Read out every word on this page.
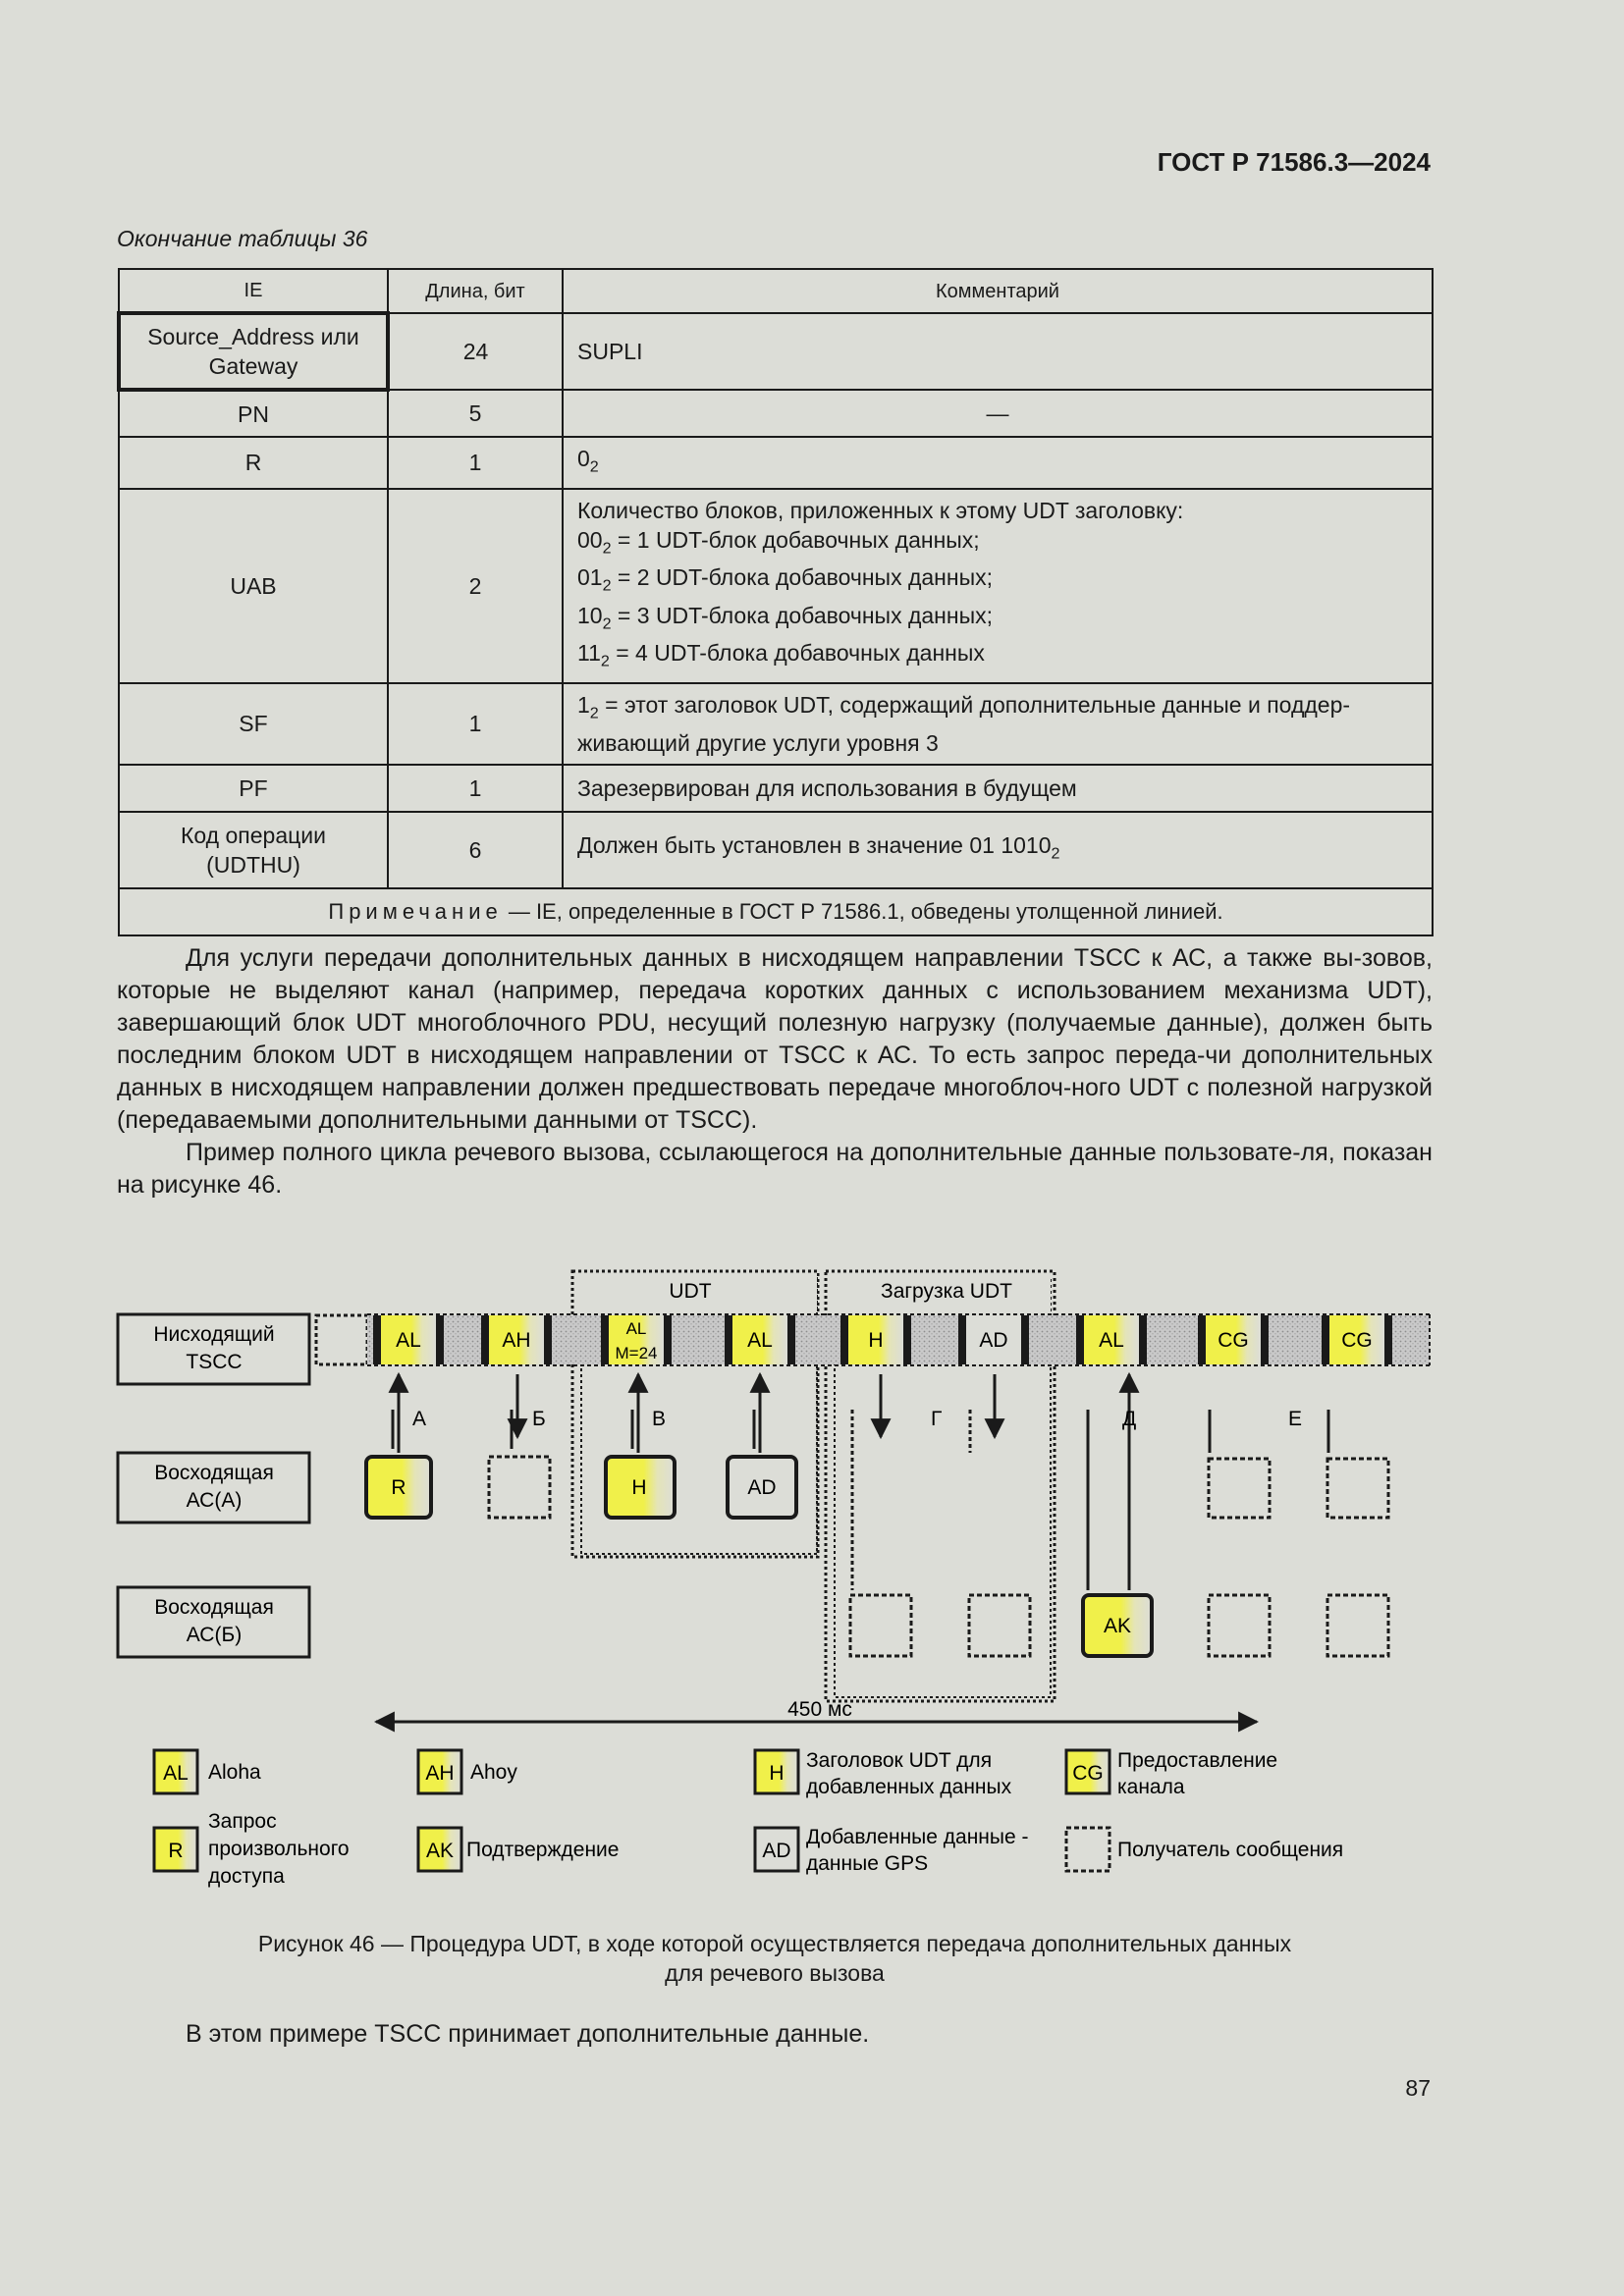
ГОСТ Р 71586.3—2024
Окончание таблицы 36
IE	Длина, бит	Комментарий
Source_Address или Gateway	24	SUPLI
PN	5	—
R	1	$0_2$
UAB	2	Количество блоков, приложенных к этому UDT заголовку:
$00_2 = 1$ UDT-блок добавочных данных;
$01_2 = 2$ UDT-блока добавочных данных;
$10_2 = 3$ UDT-блока добавочных данных;
$11_2 = 4$ UDT-блока добавочных данных

SF	1	$1_2$ = этот заголовок UDT, содержащий дополнительные данные и поддер-живающий другие услуги уровня 3
PF	1	Зарезервирован для использования в будущем
Код операции (UDTHU)	6	Должен быть установлен в значение 01 $1010_2$
Примечание — IE, определенные в ГОСТ Р 71586.1, обведены утолщенной линией.		

Для услуги передачи дополнительных данных в нисходящем направлении TSCC к АС, а также вы-зовов, которые не выделяют канал (например, передача коротких данных с использованием механизма UDT), завершающий блок UDT многоблочного PDU, несущий полезную нагрузку (получаемые данные), должен быть последним блоком UDT в нисходящем направлении от TSCC к АС. То есть запрос переда-чи дополнительных данных в нисходящем направлении должен предшествовать передаче многоблоч-ного UDT с полезной нагрузкой (передаваемыми дополнительными данными от TSCC).

Пример полного цикла речевого вызова, ссылающегося на дополнительные данные пользовате-ля, показан на рисунке 46.

UDT	Загрузка UDT
Нисходящий
TSCC
Восходящая
АС(А)
Восходящая
АС(Б)
AL	AH	AL	H	AD	AL	CG	CG
AL
M=24
А	Б	В	Г	Д	Е
R	H	AD
AK
450 мс
AL Aloha	AH Ahoy	H
Заголовок UDT для
добавленных данных
CG
Предоставление
канала
R
Запрос
произвольного
доступа
AK Подтверждение	AD
Добавленные данные -
данные GPS
Получатель сообщения
Рисунок 46 — Процедура UDT, в ходе которой осуществляется передача дополнительных данных
для речевого вызова
В этом примере TSCC принимает дополнительные данные.
87
